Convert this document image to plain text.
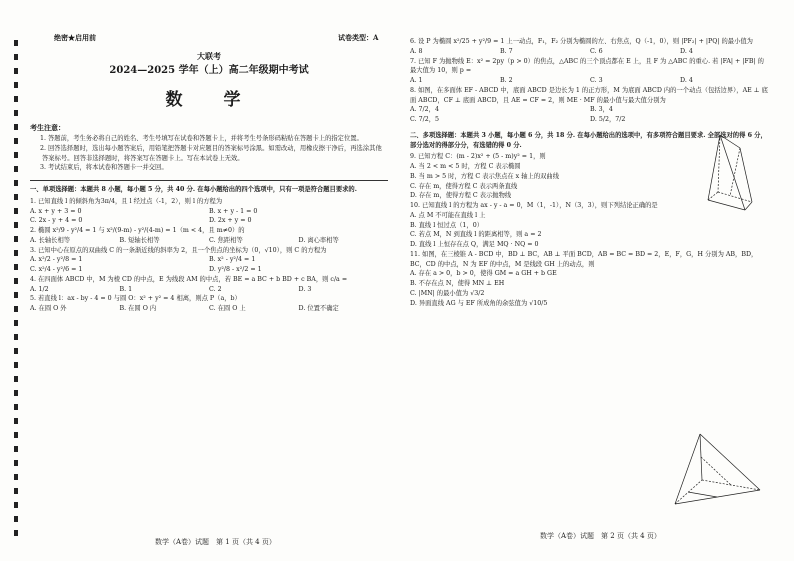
绝密★启用前	试卷类型：A
大联考
2024—2025 学年（上）高二年级期中考试
数　学
考生注意：

1. 答题前，考生务必将自己的姓名、考生号填写在试卷和答题卡上，并将考生号条形码粘贴在答题卡上的指定位置。

2. 回答选择题时，选出每小题答案后，用铅笔把答题卡对应题目的答案标号涂黑。如需改动，用橡皮擦干净后，再选涂其他答案标号。回答非选择题时，将答案写在答题卡上。写在本试卷上无效。

3. 考试结束后，将本试卷和答题卡一并交回。

一、单项选择题：本题共 8 小题，每小题 5 分，共 40 分. 在每小题给出的四个选项中，只有一项是符合题目要求的.

1. 已知直线 l 的倾斜角为3π/4，且 l 经过点（-1，2），则 l 的方程为

A. x + y + 3 = 0	B. x + y - 1 = 0
C. 2x - y + 4 = 0	D. 2x + y = 0

2. 椭圆 x²/9 - y²/4 = 1 与 x²/(9-m) - y²/(4-m) = 1（m < 4，且 m≠0）的

A. 长轴长相等	B. 短轴长相等	C. 焦距相等	D. 离心率相等

3. 已知中心在原点的双曲线 C 的一条渐近线的斜率为 2，且一个焦点的坐标为（0，√10），则 C 的方程为

A. x²/2 - y²/8 = 1	B. x² - y²/4 = 1
C. x²/4 - y²/6 = 1	D. y²/8 - x²/2 = 1

4. 在四面体 ABCD 中，M 为棱 CD 的中点，E 为线段 AM 的中点，若 BE = a BC + b BD + c BA，则 c/a =

A. 1/2	B. 1	C. 2	D. 3

5. 若直线 l：ax - by - 4 = 0 与圆 O：x² + y² = 4 相离，则点 P（a，b）

A. 在圆 O 外	B. 在圆 O 内	C. 在圆 O 上	D. 位置不确定

6. 设 P 为椭圆 x²/25 + y²/9 = 1 上一动点，F₁，F₂ 分别为椭圆的左、右焦点，Q（-1，0），则 |PF₂| + |PQ| 的最小值为

A. 8	B. 7	C. 6	D. 4

7. 已知 F 为抛物线 E：x² = 2py（p > 0）的焦点，△ABC 的三个顶点都在 E 上，且 F 为 △ABC 的重心. 若 |FA| + |FB| 的最大值为 10，则 p =

A. 1	B. 2	C. 3	D. 4

8. 如图，在多面体 EF - ABCD 中，底面 ABCD 是边长为 1 的正方形，M 为底面 ABCD 内的一个动点（包括边界），AE ⊥ 底面 ABCD，CF ⊥ 底面 ABCD，且 AE = CF = 2，则 ME · MF 的最小值与最大值分别为

A. 7/2，4	B. 3，4
C. 7/2，5	D. 5/2，7/2
二、多项选择题：本题共 3 小题，每小题 6 分，共 18 分. 在每小题给出的选项中，有多项符合题目要求. 全部选对的得 6 分，部分选对的得部分分，有选错的得 0 分.

9. 已知方程 C：(m - 2)x² + (5 - m)y² = 1，则

A. 当 2 < m < 5 时，方程 C 表示椭圆
B. 当 m > 5 时，方程 C 表示焦点在 x 轴上的双曲线
C. 存在 m，使得方程 C 表示两条直线
D. 存在 m，使得方程 C 表示抛物线

10. 已知直线 l 的方程为 ax - y - a = 0，M（1，-1），N（3，3），则下列结论正确的是

A. 点 M 不可能在直线 l 上
B. 直线 l 恒过点（1，0）
C. 若点 M，N 到直线 l 的距离相等，则 a = 2
D. 直线 l 上恒存在点 Q，满足 MQ · NQ = 0

11. 如图，在三棱锥 A - BCD 中，BD ⊥ BC，AB ⊥ 平面 BCD，AB = BC = BD = 2，E，F，G，H 分别为 AB，BD，BC，CD 的中点，N 为 EF 的中点，M 是线段 GH 上的动点，则

A. 存在 a > 0，b > 0，使得 GM = a GH + b GE
B. 不存在点 N，使得 MN ⊥ EH
C. |MN| 的最小值为 √3/2
D. 异面直线 AG 与 EF 所成角的余弦值为 √10/5
数学（A卷）试题　第 1 页（共 4 页）
数学（A卷）试题　第 2 页（共 4 页）
